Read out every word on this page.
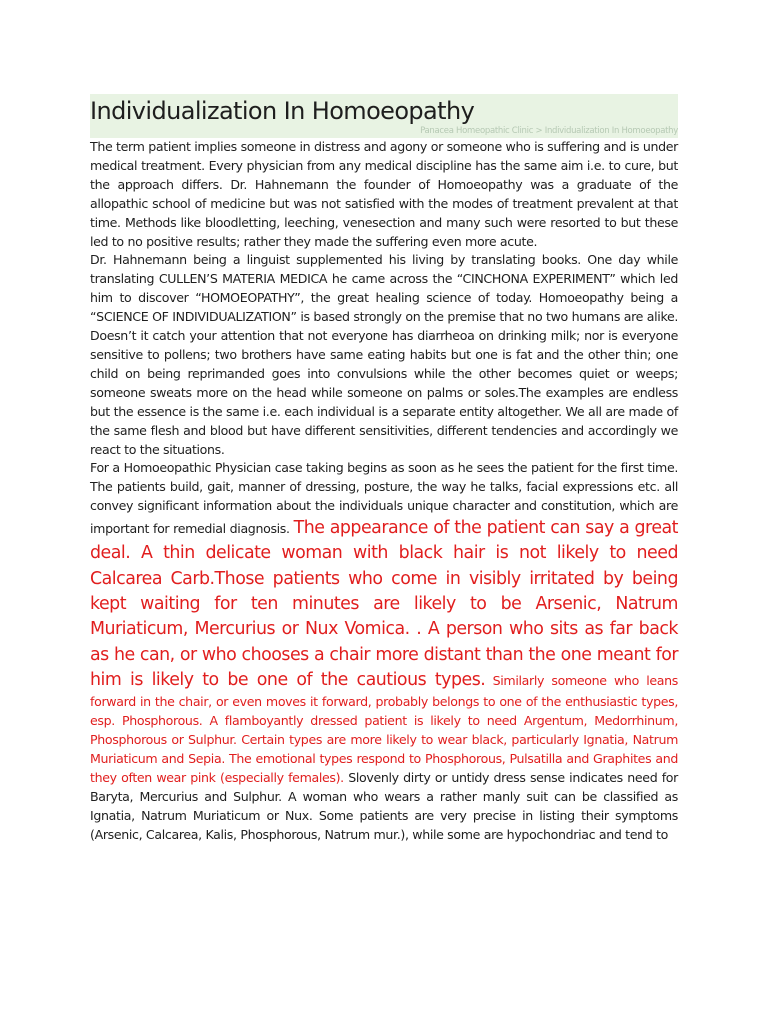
Individualization In Homoeopathy
Panacea Homeopathic Clinic > Individualization In Homoeopathy

The term patient implies someone in distress and agony or someone who is suffering and is under medical treatment. Every physician from any medical discipline has the same aim i.e. to cure, but the approach differs. Dr. Hahnemann the founder of Homoeopathy was a graduate of the allopathic school of medicine but was not satisfied with the modes of treatment prevalent at that time. Methods like bloodletting, leeching, venesection and many such were resorted to but these led to no positive results; rather they made the suffering even more acute.

Dr. Hahnemann being a linguist supplemented his living by translating books. One day while translating CULLEN’S MATERIA MEDICA he came across the “CINCHONA EXPERIMENT” which led him to discover “HOMOEOPATHY”, the great healing science of today. Homoeopathy being a “SCIENCE OF INDIVIDUALIZATION” is based strongly on the premise that no two humans are alike. Doesn’t it catch your attention that not everyone has diarrheoa on drinking milk; nor is everyone sensitive to pollens; two brothers have same eating habits but one is fat and the other thin; one child on being reprimanded goes into convulsions while the other becomes quiet or weeps; someone sweats more on the head while someone on palms or soles.The examples are endless but the essence is the same i.e. each individual is a separate entity altogether. We all are made of the same flesh and blood but have different sensitivities, different tendencies and accordingly we react to the situations.

For a Homoeopathic Physician case taking begins as soon as he sees the patient for the first time. The patients build, gait, manner of dressing, posture, the way he talks, facial expressions etc. all convey significant information about the individuals unique character and constitution, which are important for remedial diagnosis. The appearance of the patient can say a great deal. A thin delicate woman with black hair is not likely to need Calcarea Carb.Those patients who come in visibly irritated by being kept waiting for ten minutes are likely to be Arsenic, Natrum Muriaticum, Mercurius or Nux Vomica. . A person who sits as far back as he can, or who chooses a chair more distant than the one meant for him is likely to be one of the cautious types. Similarly someone who leans forward in the chair, or even moves it forward, probably belongs to one of the enthusiastic types, esp. Phosphorous. A flamboyantly dressed patient is likely to need Argentum, Medorrhinum, Phosphorous or Sulphur. Certain types are more likely to wear black, particularly Ignatia, Natrum Muriaticum and Sepia. The emotional types respond to Phosphorous, Pulsatilla and Graphites and they often wear pink (especially females). Slovenly dirty or untidy dress sense indicates need for Baryta, Mercurius and Sulphur. A woman who wears a rather manly suit can be classified as Ignatia, Natrum Muriaticum or Nux. Some patients are very precise in listing their symptoms (Arsenic, Calcarea, Kalis, Phosphorous, Natrum mur.), while some are hypochondriac and tend to
